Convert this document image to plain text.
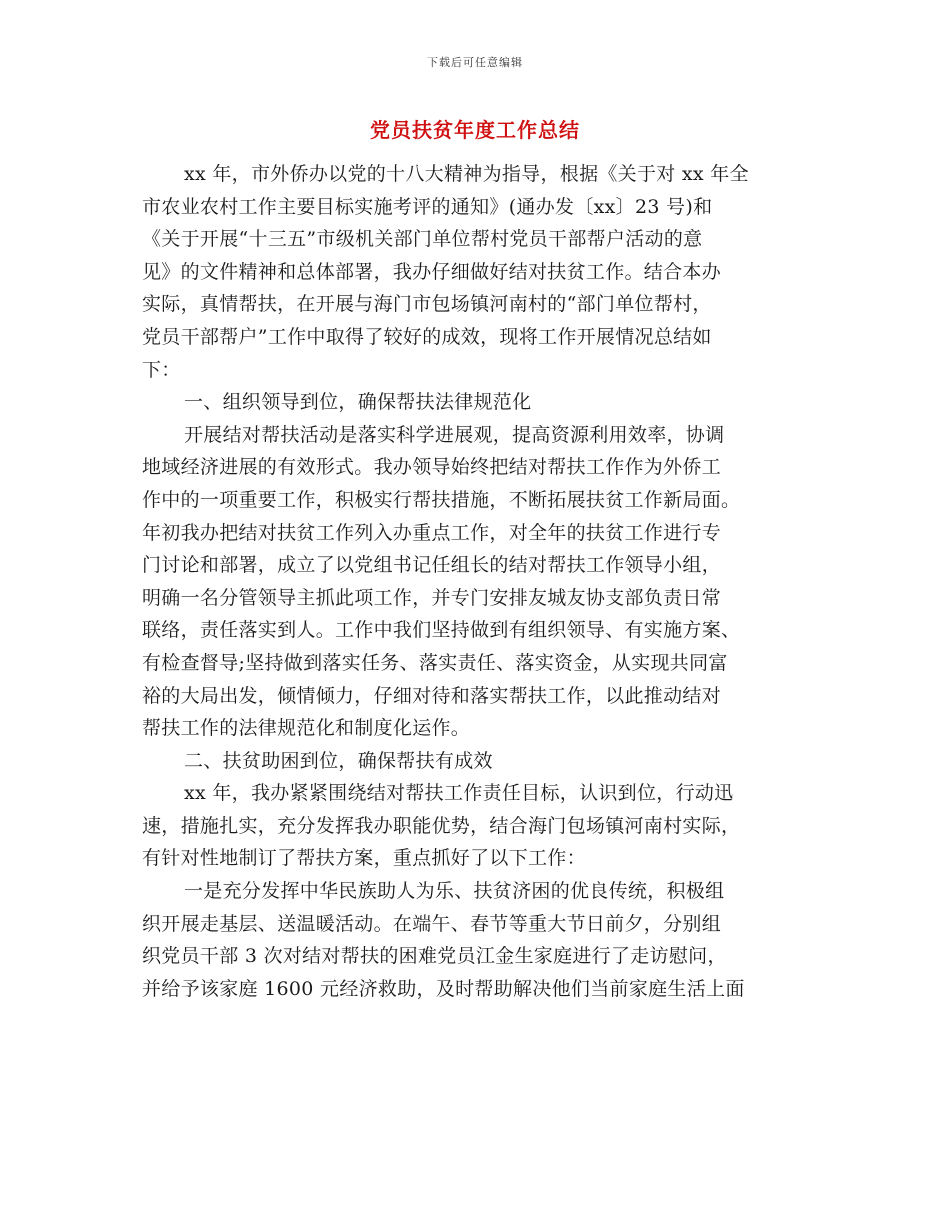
下载后可任意编辑
党员扶贫年度工作总结
xx 年，市外侨办以党的十八大精神为指导，根据《关于对 xx 年全
市农业农村工作主要目标实施考评的通知》(通办发〔xx〕23 号)和
《关于开展“十三五”市级机关部门单位帮村党员干部帮户活动的意
见》的文件精神和总体部署，我办仔细做好结对扶贫工作。结合本办
实际，真情帮扶，在开展与海门市包场镇河南村的“部门单位帮村，
党员干部帮户”工作中取得了较好的成效，现将工作开展情况总结如
下：
一、组织领导到位，确保帮扶法律规范化
开展结对帮扶活动是落实科学进展观，提高资源利用效率，协调
地域经济进展的有效形式。我办领导始终把结对帮扶工作作为外侨工
作中的一项重要工作，积极实行帮扶措施，不断拓展扶贫工作新局面。
年初我办把结对扶贫工作列入办重点工作，对全年的扶贫工作进行专
门讨论和部署，成立了以党组书记任组长的结对帮扶工作领导小组，
明确一名分管领导主抓此项工作，并专门安排友城友协支部负责日常
联络，责任落实到人。工作中我们坚持做到有组织领导、有实施方案、
有检查督导;坚持做到落实任务、落实责任、落实资金，从实现共同富
裕的大局出发，倾情倾力，仔细对待和落实帮扶工作，以此推动结对
帮扶工作的法律规范化和制度化运作。
二、扶贫助困到位，确保帮扶有成效
xx 年，我办紧紧围绕结对帮扶工作责任目标，认识到位，行动迅
速，措施扎实，充分发挥我办职能优势，结合海门包场镇河南村实际，
有针对性地制订了帮扶方案，重点抓好了以下工作：
一是充分发挥中华民族助人为乐、扶贫济困的优良传统，积极组
织开展走基层、送温暖活动。在端午、春节等重大节日前夕，分别组
织党员干部 3 次对结对帮扶的困难党员江金生家庭进行了走访慰问，
并给予该家庭 1600 元经济救助，及时帮助解决他们当前家庭生活上面
